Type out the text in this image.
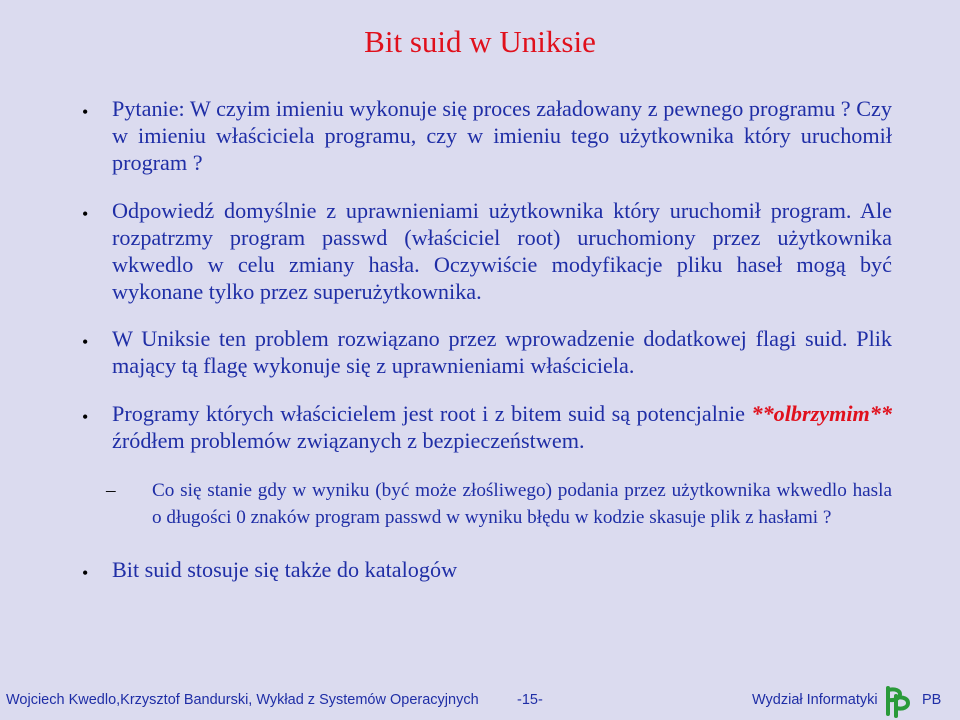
Bit suid w Uniksie
• Pytanie: W czyim imieniu wykonuje się proces załadowany z pewnego programu ? Czy w imieniu właściciela programu, czy w imieniu tego użytkownika który uruchomił program ?
• Odpowiedź domyślnie z uprawnieniami użytkownika który uruchomił program. Ale rozpatrzmy program passwd (właściciel root) uruchomiony przez użytkownika wkwedlo w celu zmiany hasła. Oczywiście modyfikacje pliku haseł mogą być wykonane tylko przez superużytkownika.
• W Uniksie ten problem rozwiązano przez wprowadzenie dodatkowej flagi suid. Plik mający tą flagę wykonuje się z uprawnieniami właściciela.
• Programy których właścicielem jest root i z bitem suid są potencjalnie **olbrzymim** źródłem problemów związanych z bezpieczeństwem.
– Co się stanie gdy w wyniku (być może złośliwego) podania przez użytkownika wkwedlo hasla o długości 0 znaków program passwd w wyniku błędu w kodzie skasuje plik z hasłami ?
• Bit suid stosuje się także do katalogów
Wojciech Kwedlo,Krzysztof Bandurski, Wykład z Systemów Operacyjnych	-15-	Wydział Informatyki	PB
